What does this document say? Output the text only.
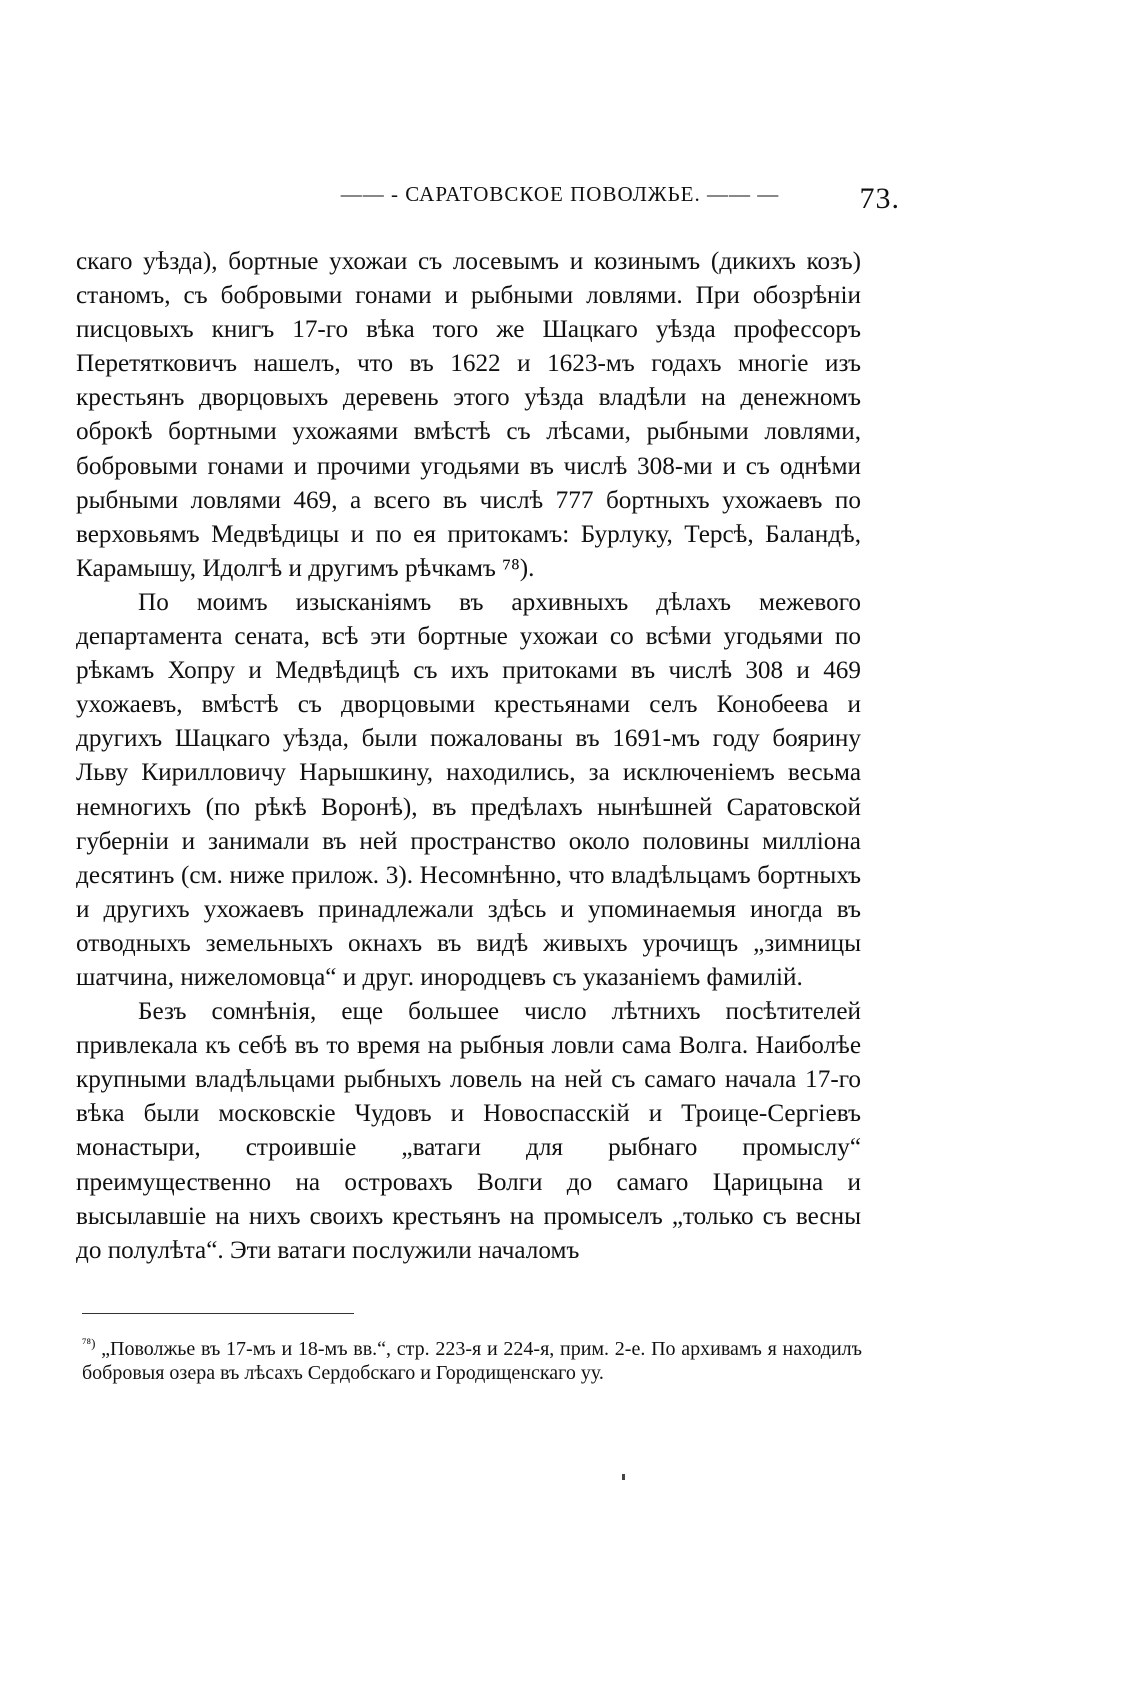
—— - САРАТОВСКОЕ ПОВОЛЖЬЕ. —— —	73.

скаго уѣзда), бортные ухожаи съ лосевымъ и козинымъ (дикихъ козъ) станомъ, съ бобровыми гонами и рыбными ловлями. При обозрѣніи писцовыхъ книгъ 17-го вѣка того же Шацкаго уѣзда профессоръ Перетятковичъ нашелъ, что въ 1622 и 1623-мъ годахъ многіе изъ крестьянъ дворцовыхъ деревень этого уѣзда владѣли на денежномъ оброкѣ бортными ухожаями вмѣстѣ съ лѣсами, рыбными ловлями, бобровыми гонами и прочими угодьями въ числѣ 308-ми и съ однѣми рыбными ловлями 469, а всего въ числѣ 777 бортныхъ ухожаевъ по верховьямъ Медвѣдицы и по ея притокамъ: Бурлуку, Терсѣ, Баландѣ, Карамышу, Идолгѣ и другимъ рѣчкамъ ⁷⁸).

По моимъ изысканіямъ въ архивныхъ дѣлахъ межевого департамента сената, всѣ эти бортные ухожаи со всѣми угодьями по рѣкамъ Хопру и Медвѣдицѣ съ ихъ притоками въ числѣ 308 и 469 ухожаевъ, вмѣстѣ съ дворцовыми крестьянами селъ Конобеева и другихъ Шацкаго уѣзда, были пожалованы въ 1691-мъ году боярину Льву Кирилловичу Нарышкину, находились, за исключеніемъ весьма немногихъ (по рѣкѣ Воронѣ), въ предѣлахъ нынѣшней Саратовской губерніи и занимали въ ней пространство около половины милліона десятинъ (см. ниже прилож. 3). Несомнѣнно, что владѣльцамъ бортныхъ и другихъ ухожаевъ принадлежали здѣсь и упоминаемыя иногда въ отводныхъ земельныхъ окнахъ въ видѣ живыхъ урочищъ „зимницы шатчина, нижеломовца“ и друг. инородцевъ съ указаніемъ фамилій.

Безъ сомнѣнія, еще большее число лѣтнихъ посѣтителей привлекала къ себѣ въ то время на рыбныя ловли сама Волга. Наиболѣе крупными владѣльцами рыбныхъ ловель на ней съ самаго начала 17-го вѣка были московскіе Чудовъ и Новоспасскій и Троице-Сергіевъ монастыри, строившіе „ватаги для рыбнаго промыслу“ преимущественно на островахъ Волги до самаго Царицына и высылавшіе на нихъ своихъ крестьянъ на промыселъ „только съ весны до полулѣта“. Эти ватаги послужили началомъ

$^{^{78})}$ „Поволжье въ 17-мъ и 18-мъ вв.“, стр. 223-я и 224-я, прим. 2-е. По архивамъ я находилъ бобровыя озера въ лѣсахъ Сердобскаго и Городищенскаго уу.
